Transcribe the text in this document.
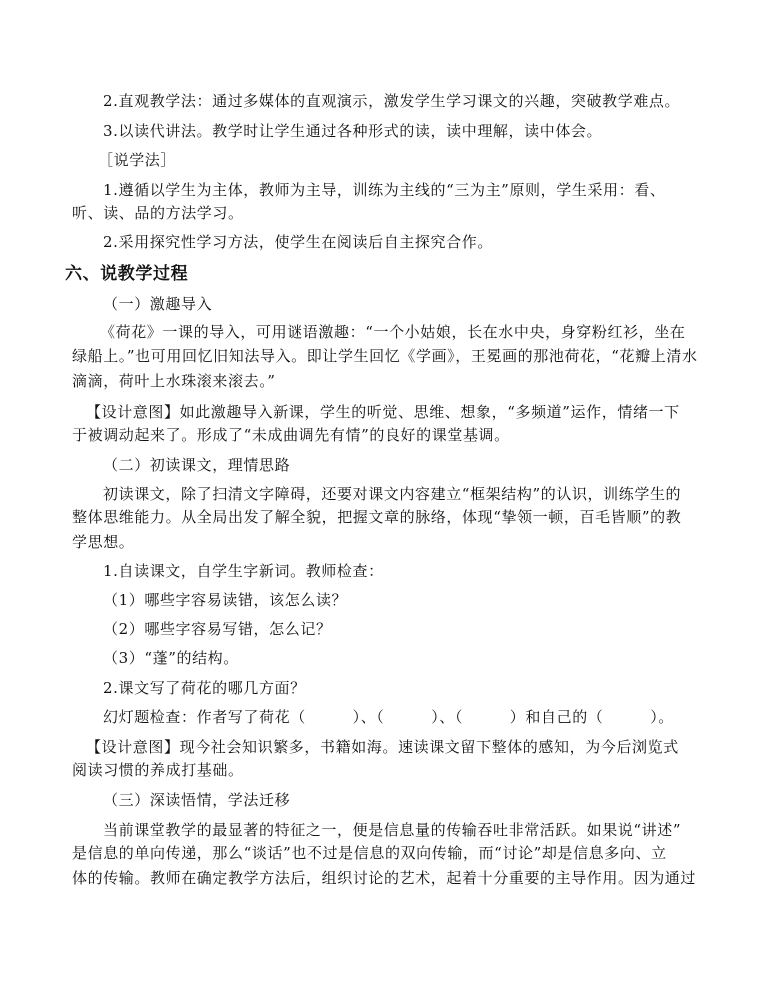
2.直观教学法：通过多媒体的直观演示，激发学生学习课文的兴趣，突破教学难点。
3.以读代讲法。教学时让学生通过各种形式的读，读中理解，读中体会。
［说学法］
1.遵循以学生为主体，教师为主导，训练为主线的“三为主”原则，学生采用：看、
听、读、品的方法学习。
2.采用探究性学习方法，使学生在阅读后自主探究合作。
六、说教学过程
（一）激趣导入
《荷花》一课的导入，可用谜语激趣：“一个小姑娘，长在水中央，身穿粉红衫，坐在
绿船上。”也可用回忆旧知法导入。即让学生回忆《学画》，王冕画的那池荷花，“花瓣上清水
滴滴，荷叶上水珠滚来滚去。”
【设计意图】如此激趣导入新课，学生的听觉、思维、想象，“多频道”运作，情绪一下
于被调动起来了。形成了“未成曲调先有情”的良好的课堂基调。
（二）初读课文，理情思路
初读课文，除了扫清文字障碍，还要对课文内容建立“框架结构”的认识，训练学生的
整体思维能力。从全局出发了解全貌，把握文章的脉络，体现“挚领一顿，百毛皆顺”的教
学思想。
1.自读课文，自学生字新词。教师检查：
（1）哪些字容易读错，该怎么读？
（2）哪些字容易写错，怎么记？
（3）“蓬”的结构。
2.课文写了荷花的哪几方面？
幻灯题检查：作者写了荷花（　　　）、（　　　）、（　　　）和自己的（　　　）。
【设计意图】现今社会知识繁多，书籍如海。速读课文留下整体的感知，为今后浏览式
阅读习惯的养成打基础。
（三）深读悟情，学法迁移
当前课堂教学的最显著的特征之一，便是信息量的传输吞吐非常活跃。如果说“讲述”
是信息的单向传递，那么“谈话”也不过是信息的双向传输，而“讨论”却是信息多向、立
体的传输。教师在确定教学方法后，组织讨论的艺术，起着十分重要的主导作用。因为通过
